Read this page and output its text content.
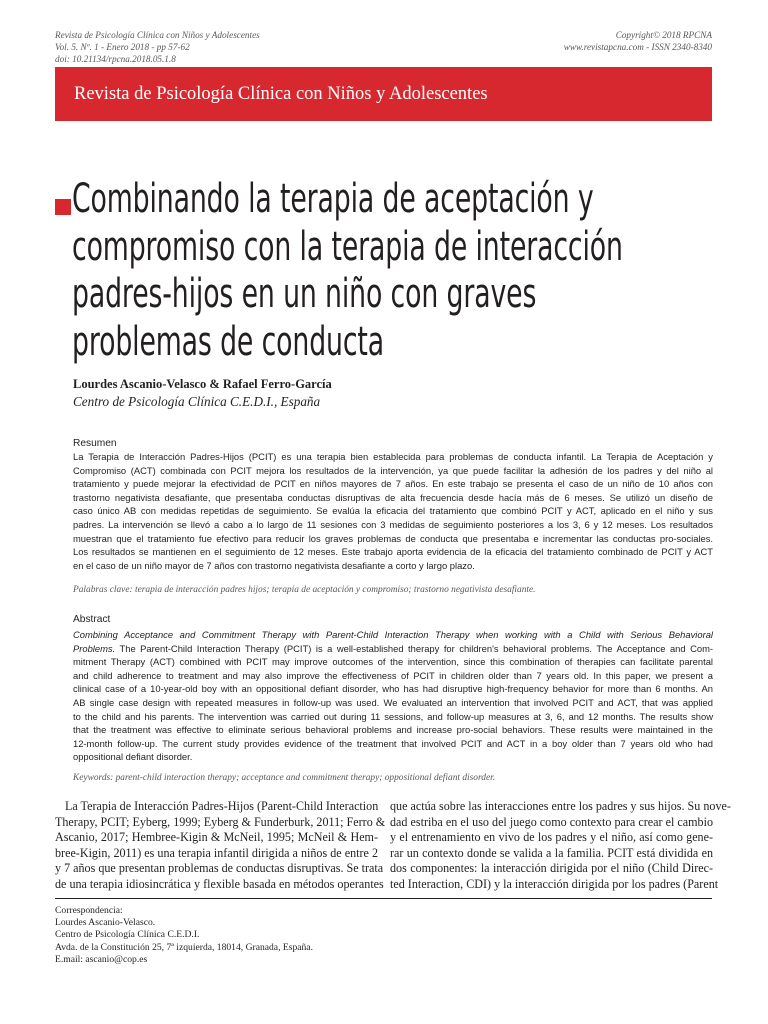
Revista de Psicología Clínica con Niños y Adolescentes
Vol. 5. Nº. 1 - Enero 2018 - pp 57-62
doi: 10.21134/rpcna.2018.05.1.8
Copyright© 2018 RPCNA
www.revistapcna.com - ISSN 2340-8340
Revista de Psicología Clínica con Niños y Adolescentes
Combinando la terapia de aceptación y
compromiso con la terapia de interacción
padres-hijos en un niño con graves
problemas de conducta
Lourdes Ascanio-Velasco & Rafael Ferro-García
Centro de Psicología Clínica C.E.D.I., España
Resumen
La Terapia de Interacción Padres-Hijos (PCIT) es una terapia bien establecida para problemas de conducta infantil. La Terapia de Aceptación y
Compromiso (ACT) combinada con PCIT mejora los resultados de la intervención, ya que puede facilitar la adhesión de los padres y del niño al
tratamiento y puede mejorar la efectividad de PCIT en niños mayores de 7 años. En este trabajo se presenta el caso de un niño de 10 años con
trastorno negativista desafiante, que presentaba conductas disruptivas de alta frecuencia desde hacía más de 6 meses. Se utilizó un diseño de
caso único AB con medidas repetidas de seguimiento. Se evalúa la eficacia del tratamiento que combinó PCIT y ACT, aplicado en el niño y sus
padres. La intervención se llevó a cabo a lo largo de 11 sesiones con 3 medidas de seguimiento posteriores a los 3, 6 y 12 meses. Los resultados
muestran que el tratamiento fue efectivo para reducir los graves problemas de conducta que presentaba e incrementar las conductas pro-sociales.
Los resultados se mantienen en el seguimiento de 12 meses. Este trabajo aporta evidencia de la eficacia del tratamiento combinado de PCIT y ACT
en el caso de un niño mayor de 7 años con trastorno negativista desafiante a corto y largo plazo.
Palabras clave: terapia de interacción padres hijos; terapia de aceptación y compromiso; trastorno negativista desafiante.
Abstract
Combining Acceptance and Commitment Therapy with Parent-Child Interaction Therapy when working with a Child with Serious Behavioral
Problems. The Parent-Child Interaction Therapy (PCIT) is a well-established therapy for children's behavioral problems. The Acceptance and Com-
mitment Therapy (ACT) combined with PCIT may improve outcomes of the intervention, since this combination of therapies can facilitate parental
and child adherence to treatment and may also improve the effectiveness of PCIT in children older than 7 years old. In this paper, we present a
clinical case of a 10-year-old boy with an oppositional defiant disorder, who has had disruptive high-frequency behavior for more than 6 months. An
AB single case design with repeated measures in follow-up was used. We evaluated an intervention that involved PCIT and ACT, that was applied
to the child and his parents. The intervention was carried out during 11 sessions, and follow-up measures at 3, 6, and 12 months. The results show
that the treatment was effective to eliminate serious behavioral problems and increase pro-social behaviors. These results were maintained in the
12-month follow-up. The current study provides evidence of the treatment that involved PCIT and ACT in a boy older than 7 years old who had
oppositional defiant disorder.
Keywords: parent-child interaction therapy; acceptance and commitment therapy; oppositional defiant disorder.
La Terapia de Interacción Padres-Hijos (Parent-Child Interaction
Therapy, PCIT; Eyberg, 1999; Eyberg & Funderburk, 2011; Ferro &
Ascanio, 2017; Hembree-Kigin & McNeil, 1995; McNeil & Hem-
bree-Kigin, 2011) es una terapia infantil dirigida a niños de entre 2
y 7 años que presentan problemas de conductas disruptivas. Se trata
de una terapia idiosincrática y flexible basada en métodos operantes
que actúa sobre las interacciones entre los padres y sus hijos. Su nove-
dad estriba en el uso del juego como contexto para crear el cambio
y el entrenamiento en vivo de los padres y el niño, así como gene-
rar un contexto donde se valida a la familia. PCIT está dividida en
dos componentes: la interacción dirigida por el niño (Child Direc-
ted Interaction, CDI) y la interacción dirigida por los padres (Parent
Correspondencia:
Lourdes Ascanio-Velasco.
Centro de Psicología Clínica C.E.D.I.
Avda. de la Constitución 25, 7ª izquierda, 18014, Granada, España.
E.mail: ascanio@cop.es
